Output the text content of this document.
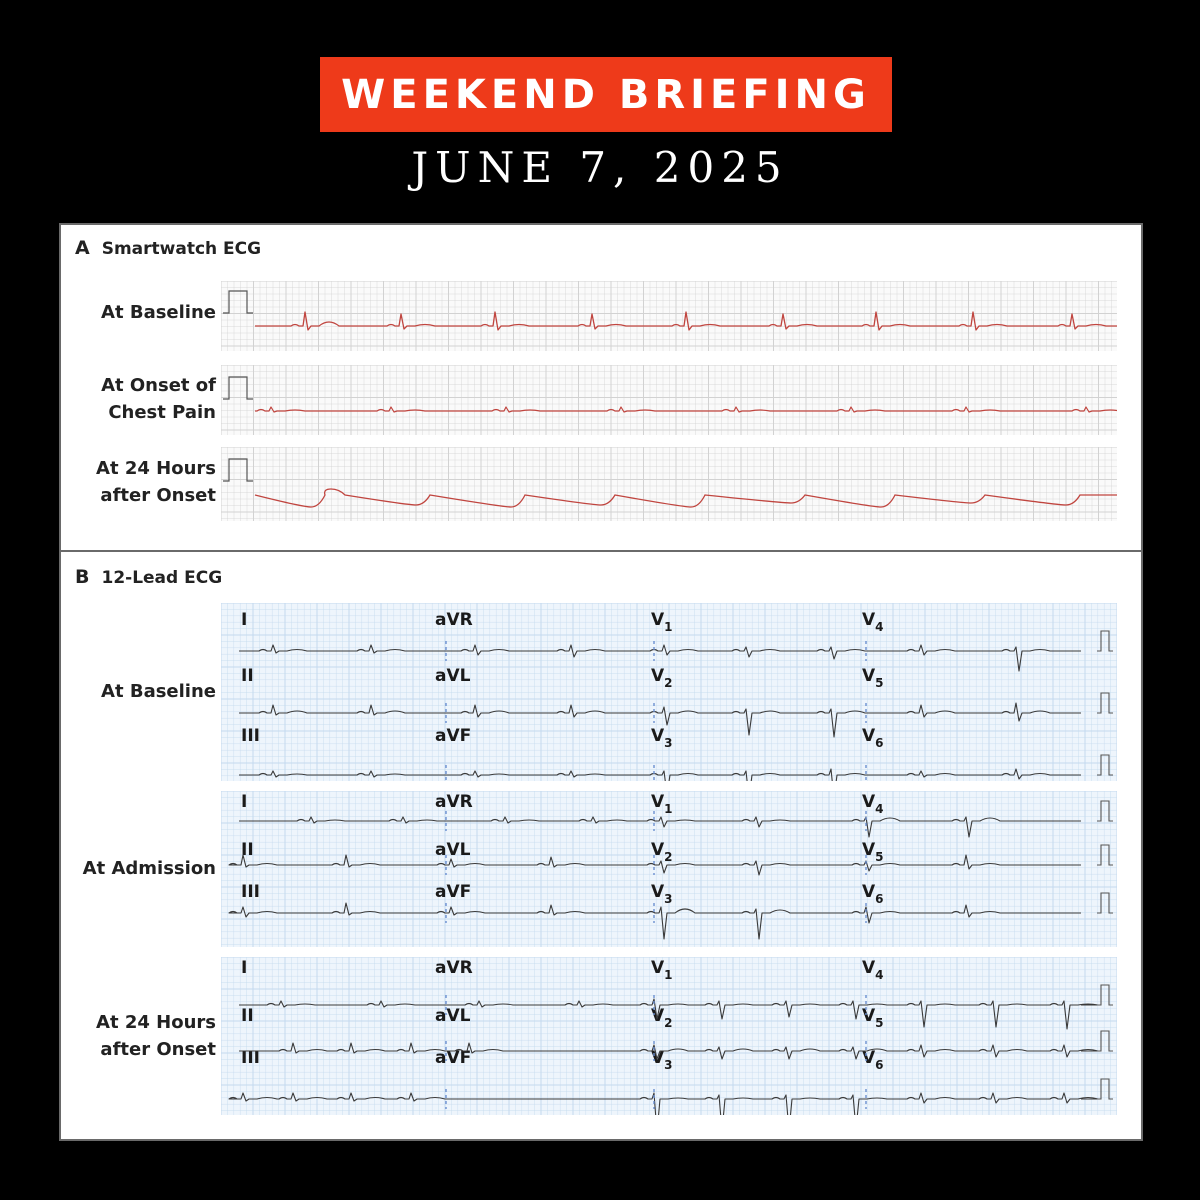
WEEKEND BRIEFING
JUNE 7, 2025
A Smartwatch ECG
At Baseline
At Onset of
Chest Pain
At 24 Hours
after Onset
B 12-Lead ECG
At Baseline
At Admission
At 24 Hours
after Onset
I	aVR	$V_1$	$V_4$
II	aVL	$V_2$	$V_5$
III	aVF	$V_3$	$V_6$
I	aVR	$V_1$	$V_4$
II	aVL	$V_2$	$V_5$
III	aVF	$V_3$	$V_6$
I	aVR	$V_1$	$V_4$
II	aVL	$V_2$	$V_5$
III	aVF	$V_3$	$V_6$
